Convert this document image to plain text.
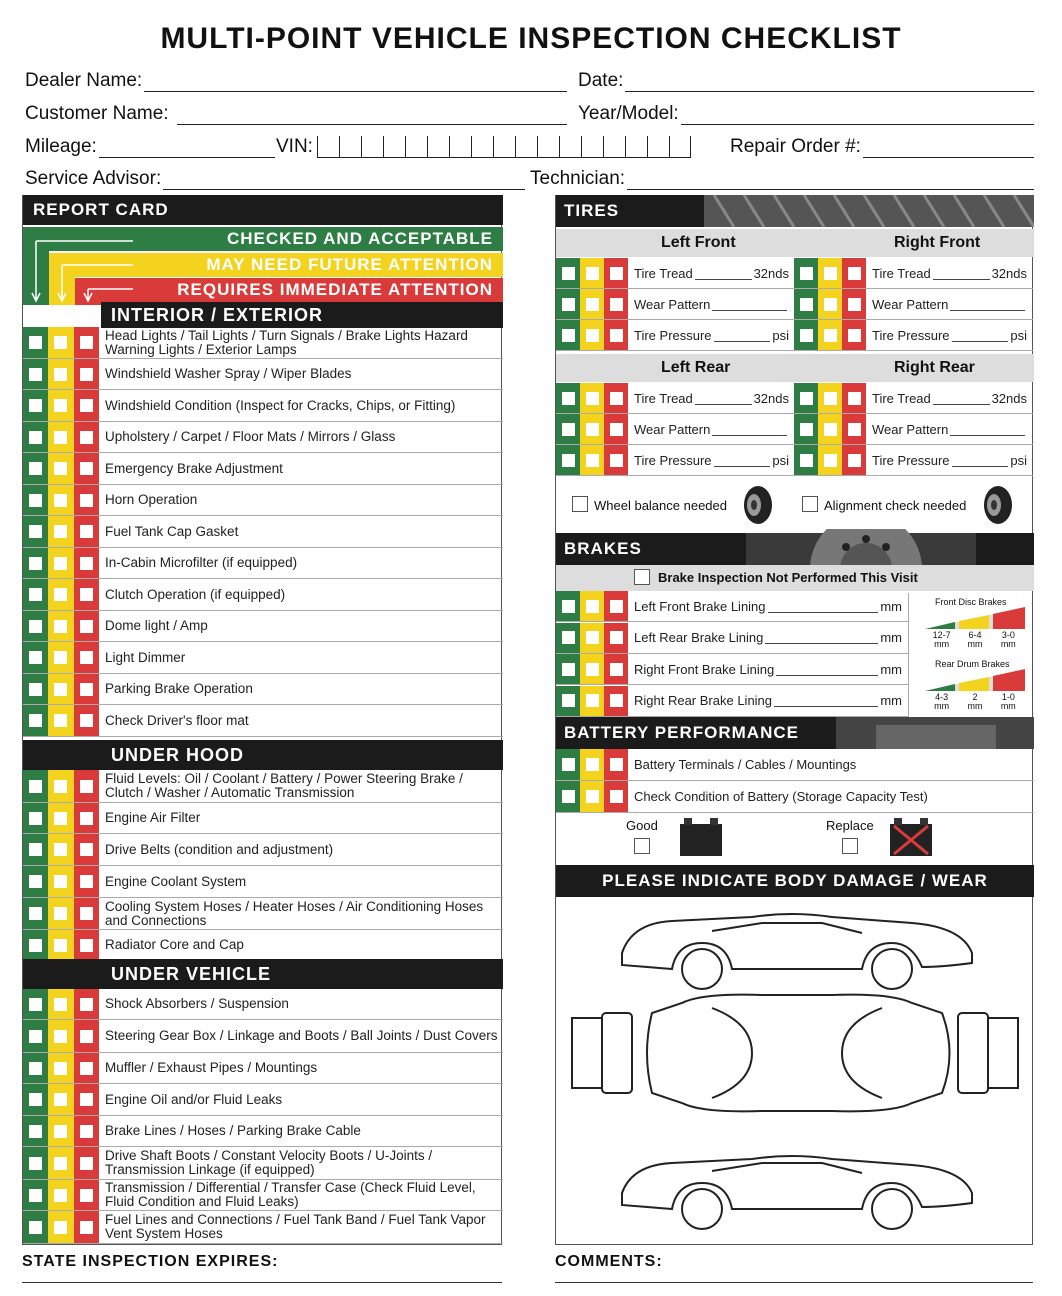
MULTI-POINT VEHICLE INSPECTION CHECKLIST
Dealer Name:	Date:
Customer Name:	Year/Model:
Mileage:	VIN:	Repair Order #:
Service Advisor:	Technician:
REPORT CARD
CHECKED AND ACCEPTABLE
MAY NEED FUTURE ATTENTION
REQUIRES IMMEDIATE ATTENTION
INTERIOR / EXTERIOR
Head Lights / Tail Lights / Turn Signals / Brake Lights Hazard Warning Lights / Exterior Lamps
Windshield Washer Spray / Wiper Blades
Windshield Condition (Inspect for Cracks, Chips, or Fitting)
Upholstery / Carpet / Floor Mats / Mirrors / Glass
Emergency Brake Adjustment
Horn Operation
Fuel Tank Cap Gasket
In-Cabin Microfilter (if equipped)
Clutch Operation (if equipped)
Dome light / Amp
Light Dimmer
Parking Brake Operation
Check Driver's floor mat
UNDER HOOD
Fluid Levels: Oil / Coolant / Battery / Power Steering Brake / Clutch / Washer / Automatic Transmission
Engine Air Filter
Drive Belts (condition and adjustment)
Engine Coolant System
Cooling System Hoses / Heater Hoses / Air Conditioning Hoses and Connections
Radiator Core and Cap
UNDER VEHICLE
Shock Absorbers / Suspension
Steering Gear Box / Linkage and Boots / Ball Joints / Dust Covers
Muffler / Exhaust Pipes / Mountings
Engine Oil and/or Fluid Leaks
Brake Lines / Hoses / Parking Brake Cable
Drive Shaft Boots / Constant Velocity Boots / U-Joints / Transmission Linkage (if equipped)
Transmission / Differential / Transfer Case (Check Fluid Level, Fluid Condition and Fluid Leaks)
Fuel Lines and Connections / Fuel Tank Band / Fuel Tank Vapor Vent System Hoses
TIRES
Left Front	Right Front
Tire Tread	32nds	Tire Tread	32nds
Wear Pattern	Wear Pattern
Tire Pressure	psi	Tire Pressure	psi
Left Rear	Right Rear
Tire Tread	32nds	Tire Tread	32nds
Wear Pattern	Wear Pattern
Tire Pressure	psi	Tire Pressure	psi
Wheel balance needed	Alignment check needed
BRAKES
Brake Inspection Not Performed This Visit
Left Front Brake Lining	mm
Left Rear Brake Lining	mm
Right Front Brake Lining	mm
Right Rear Brake Lining	mm
Front Disc Brakes
12-7
mm
6-4
mm
3-0
mm
Rear Drum Brakes
4-3
mm
2
mm
1-0
mm
BATTERY PERFORMANCE
Battery Terminals / Cables / Mountings
Check Condition of Battery (Storage Capacity Test)
Good	Replace
PLEASE INDICATE BODY DAMAGE / WEAR
STATE INSPECTION EXPIRES:	COMMENTS:
